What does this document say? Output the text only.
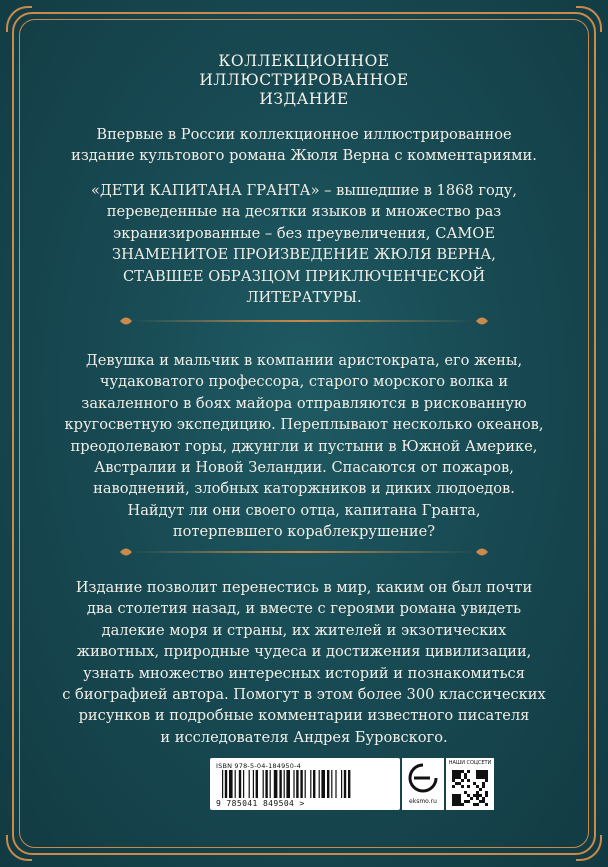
КОЛЛЕКЦИОННОЕ
ИЛЛЮСТРИРОВАННОЕ
ИЗДАНИЕ
Впервые в России коллекционное иллюстрированное
издание культового романа Жюля Верна с комментариями.
«ДЕТИ КАПИТАНА ГРАНТА» – вышедшие в 1868 году,
переведенные на десятки языков и множество раз
экранизированные – без преувеличения, САМОЕ
ЗНАМЕНИТОЕ ПРОИЗВЕДЕНИЕ ЖЮЛЯ ВЕРНА,
СТАВШЕЕ ОБРАЗЦОМ ПРИКЛЮЧЕНЧЕСКОЙ
ЛИТЕРАТУРЫ.
Девушка и мальчик в компании аристократа, его жены,
чудаковатого профессора, старого морского волка и
закаленного в боях майора отправляются в рискованную
кругосветную экспедицию. Переплывают несколько океанов,
преодолевают горы, джунгли и пустыни в Южной Америке,
Австралии и Новой Зеландии. Спасаются от пожаров,
наводнений, злобных каторжников и диких людоедов.
Найдут ли они своего отца, капитана Гранта,
потерпевшего кораблекрушение?
Издание позволит перенестись в мир, каким он был почти
два столетия назад, и вместе с героями романа увидеть
далекие моря и страны, их жителей и экзотических
животных, природные чудеса и достижения цивилизации,
узнать множество интересных историй и познакомиться
с биографией автора. Помогут в этом более 300 классических
рисунков и подробные комментарии известного писателя
и исследователя Андрея Буровского.
ISBN 978-5-04-184950-4
9 785041 849504 >	eksmo.ru
НАШИ СОЦСЕТИ
